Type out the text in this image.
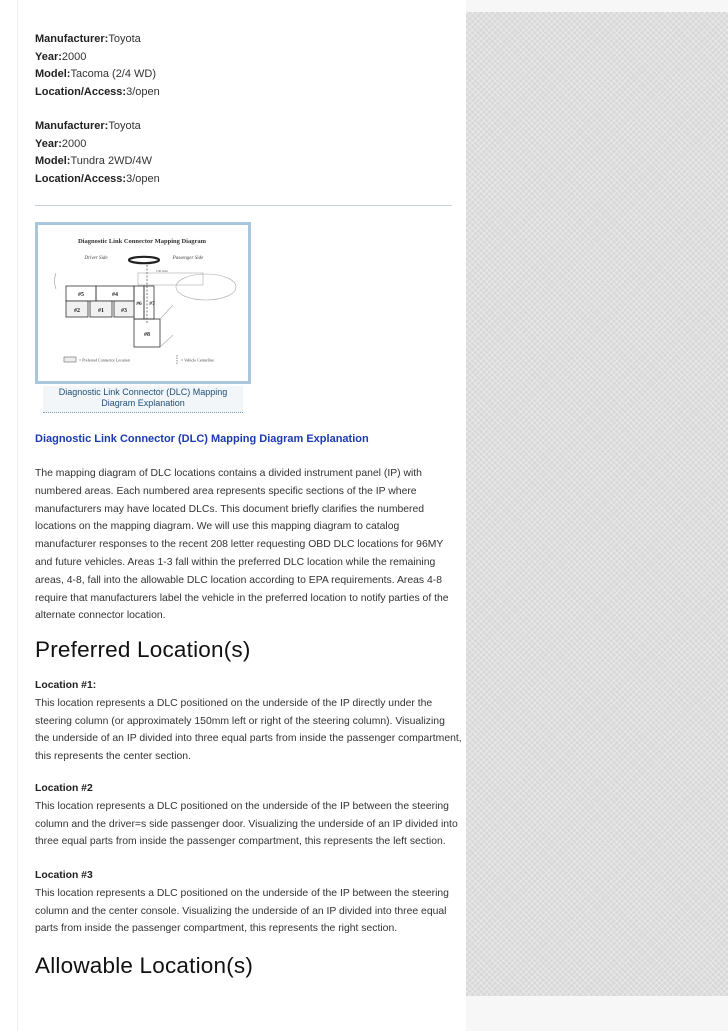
Manufacturer:Toyota
Year:2000
Model:Tacoma (2/4 WD)
Location/Access:3/open
Manufacturer:Toyota
Year:2000
Model:Tundra 2WD/4W
Location/Access:3/open
Diagnostic Link Connector Mapping Diagram
Driver Side	Passenger Side
150 mm
#5	#4
#6 #7
#2	#1	#3
#8
= Preferred Connector Location	= Vehicle Centerline
Diagnostic Link Connector (DLC) Mapping Diagram Explanation
Diagnostic Link Connector (DLC) Mapping Diagram Explanation
The mapping diagram of DLC locations contains a divided instrument panel (IP) with
numbered areas. Each numbered area represents specific sections of the IP where
manufacturers may have located DLCs. This document briefly clarifies the numbered
locations on the mapping diagram. We will use this mapping diagram to catalog
manufacturer responses to the recent 208 letter requesting OBD DLC locations for 96MY
and future vehicles. Areas 1-3 fall within the preferred DLC location while the remaining
areas, 4-8, fall into the allowable DLC location according to EPA requirements. Areas 4-8
require that manufacturers label the vehicle in the preferred location to notify parties of the
alternate connector location.
Preferred Location(s)
Location #1:
This location represents a DLC positioned on the underside of the IP directly under the
steering column (or approximately 150mm left or right of the steering column). Visualizing
the underside of an IP divided into three equal parts from inside the passenger compartment,
this represents the center section.
Location #2
This location represents a DLC positioned on the underside of the IP between the steering
column and the driver=s side passenger door. Visualizing the underside of an IP divided into
three equal parts from inside the passenger compartment, this represents the left section.
Location #3
This location represents a DLC positioned on the underside of the IP between the steering
column and the center console. Visualizing the underside of an IP divided into three equal
parts from inside the passenger compartment, this represents the right section.
Allowable Location(s)
